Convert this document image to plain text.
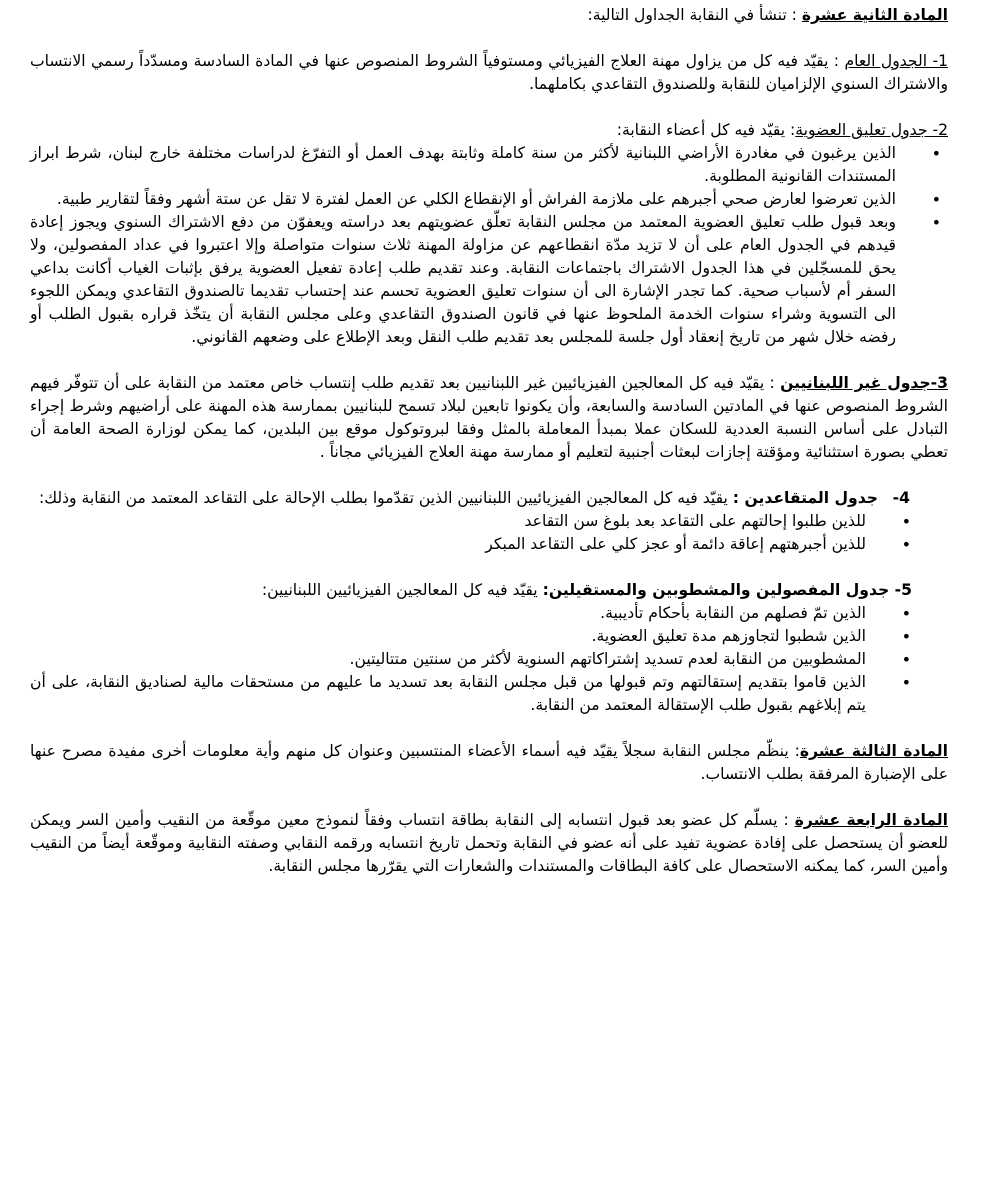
المادة الثانية عشرة : تنشأ في النقابة الجداول التالية:

1- الجدول العام : يقيّد فيه كل من يزاول مهنة العلاج الفيزيائي ومستوفياً الشروط المنصوص عنها في المادة السادسة ومسدّداً رسمي الانتساب والاشتراك السنوي الإلزاميان للنقابة وللصندوق التقاعدي بكاملهما.

2- جدول تعليق العضوية: يقيّد فيه كل أعضاء النقابة:

• الذين يرغبون في مغادرة الأراضي اللبنانية لأكثر من سنة كاملة وثابتة بهدف العمل أو التفرّغ لدراسات مختلفة خارج لبنان، شرط ابراز المستندات القانونية المطلوبة.
• الذين تعرضوا لعارض صحي أجبرهم على ملازمة الفراش أو الإنقطاع الكلي عن العمل لفترة لا تقل عن ستة أشهر وفقاً لتقارير طبية.
• وبعد قبول طلب تعليق العضوية المعتمد من مجلس النقابة تعلّق عضويتهم بعد دراسته ويعفوّن من دفع الاشتراك السنوي ويجوز إعادة قيدهم في الجدول العام على أن لا تزيد مدّة انقطاعهم عن مزاولة المهنة ثلاث سنوات متواصلة وإلا اعتبروا في عداد المفصولين، ولا يحق للمسجّلين في هذا الجدول الاشتراك باجتماعات النقابة. وعند تقديم طلب إعادة تفعيل العضوية يرفق بإثبات الغياب أكانت بداعي السفر أم لأسباب صحية. كما تجدر الإشارة الى أن سنوات تعليق العضوية تحسم عند إحتساب تقديما تالصندوق التقاعدي ويمكن اللجوء الى التسوية وشراء سنوات الخدمة الملحوظ عنها في قانون الصندوق التقاعدي وعلى مجلس النقابة أن يتخّذ قراره بقبول الطلب أو رفضه خلال شهر من تاريخ إنعقاد أول جلسة للمجلس بعد تقديم طلب النقل وبعد الإطلاع على وضعهم القانوني.

3-جدول غير اللبنانيين : يقيّد فيه كل المعالجين الفيزيائيين غير اللبنانيين بعد تقديم طلب إنتساب خاص معتمد من النقابة على أن تتوفّر فيهم الشروط المنصوص عنها في المادتين السادسة والسابعة، وأن يكونوا تابعين لبلاد تسمح للبنانيين بممارسة هذه المهنة على أراضيهم وشرط إجراء التبادل على أساس النسبة العددية للسكان عملا بمبدأ المعاملة بالمثل وفقا لبروتوكول موقع بين البلدين، كما يمكن لوزارة الصحة العامة أن تعطي بصورة استثنائية ومؤقتة إجازات لبعثات أجنبية لتعليم أو ممارسة مهنة العلاج الفيزيائي مجاناً .

4-
جدول المتقاعدين : يقيّد فيه كل المعالجين الفيزيائيين اللبنانيين الذين تقدّموا بطلب الإحالة على التقاعد المعتمد من النقابة وذلك:
• للذين طلبوا إحالتهم على التقاعد بعد بلوغ سن التقاعد
• للذين أجبرهتهم إعاقة دائمة أو عجز كلي على التقاعد المبكر

5- جدول المفصولين والمشطوبين والمستقيلين: يقيّد فيه كل المعالجين الفيزيائيين اللبنانيين:

• الذين تمّ فصلهم من النقابة بأحكام تأديبية.
• الذين شطبوا لتجاوزهم مدة تعليق العضوية.
• المشطوبين من النقابة لعدم تسديد إشتراكاتهم السنوية لأكثر من سنتين متتاليتين.
• الذين قاموا بتقديم إستقالتهم وتم قبولها من قبل مجلس النقابة بعد تسديد ما عليهم من مستحقات مالية لصناديق النقابة، على أن يتم إبلاغهم بقبول طلب الإستقالة المعتمد من النقابة.

المادة الثالثة عشرة: ينظّم مجلس النقابة سجلاً يقيّد فيه أسماء الأعضاء المنتسبين وعنوان كل منهم وأية معلومات أخرى مفيدة مصرح عنها على الإضبارة المرفقة بطلب الانتساب.

المادة الرابعة عشرة : يسلّم كل عضو بعد قبول انتسابه إلى النقابة بطاقة انتساب وفقاً لنموذج معين موقّعة من النقيب وأمين السر ويمكن للعضو أن يستحصل على إفادة عضوية تفيد على أنه عضو في النقابة وتحمل تاريخ انتسابه ورقمه النقابي وصفته النقابية وموقّعة أيضاً من النقيب وأمين السر، كما يمكنه الاستحصال على كافة البطاقات والمستندات والشعارات التي يقرّرها مجلس النقابة.
